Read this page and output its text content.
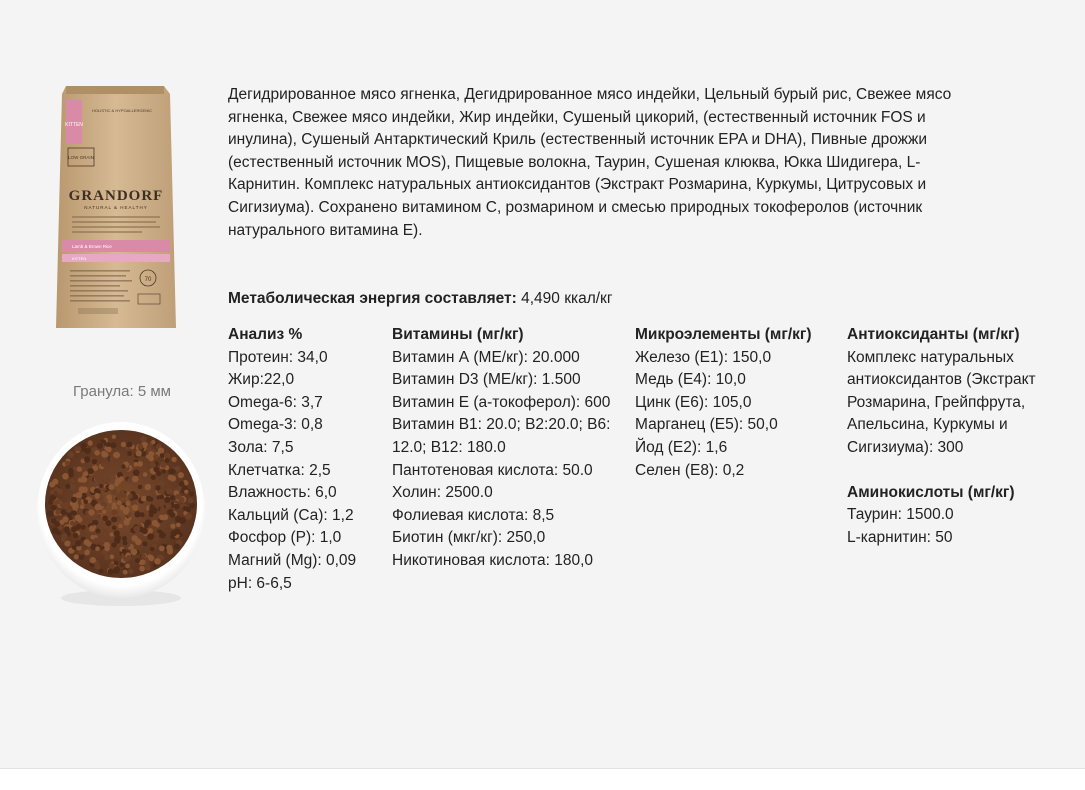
KITTEN
HOLISTIC & HYPOALLERGENIC
LOW GRAIN
GRANDORF
NATURAL & HEALTHY
Lamb & Brown Rice
KITTEN
70
Гранула: 5 мм

Дегидрированное мясо ягненка, Дегидрированное мясо индейки, Цельный бурый рис, Свежее мясо ягненка, Свежее мясо индейки, Жир индейки, Сушеный цикорий, (естественный источник FOS и инулина), Сушеный Антарктический Криль (естественный источник EPA и DHA), Пивные дрожжи (естественный источник MOS), Пищевые волокна, Таурин, Сушеная клюква, Юкка Шидигера, L-Карнитин. Комплекс натуральных антиоксидантов (Экстракт Розмарина, Куркумы, Цитрусовых и Сигизиума). Сохранено витамином С, розмарином и смесью природных токоферолов (источник натурального витамина Е).

Метаболическая энергия составляет: 4,490 ккал/кг
Анализ %
Протеин: 34,0
Жир:22,0
Omega-6: 3,7
Omega-3: 0,8
Зола: 7,5
Клетчатка: 2,5
Влажность: 6,0
Кальций (Ca): 1,2
Фосфор (P): 1,0
Магний (Mg): 0,09
pH: 6-6,5
Витамины (мг/кг)
Витамин А (МЕ/кг): 20.000
Витамин D3 (МЕ/кг): 1.500
Витамин Е (а-токоферол): 600
Витамин В1: 20.0; В2:20.0; В6: 12.0; В12: 180.0
Пантотеновая кислота: 50.0
Холин: 2500.0
Фолиевая кислота: 8,5
Биотин (мкг/кг): 250,0
Никотиновая кислота: 180,0
Микроэлементы (мг/кг)
Железо (Е1): 150,0
Медь (Е4): 10,0
Цинк (Е6): 105,0
Марганец (Е5): 50,0
Йод (Е2): 1,6
Селен (Е8): 0,2
Антиоксиданты (мг/кг)
Комплекс натуральных антиоксидантов (Экстракт Розмарина, Грейпфрута, Апельсина, Куркумы и Сигизиума): 300
Аминокислоты (мг/кг)
Таурин: 1500.0
L-карнитин: 50
